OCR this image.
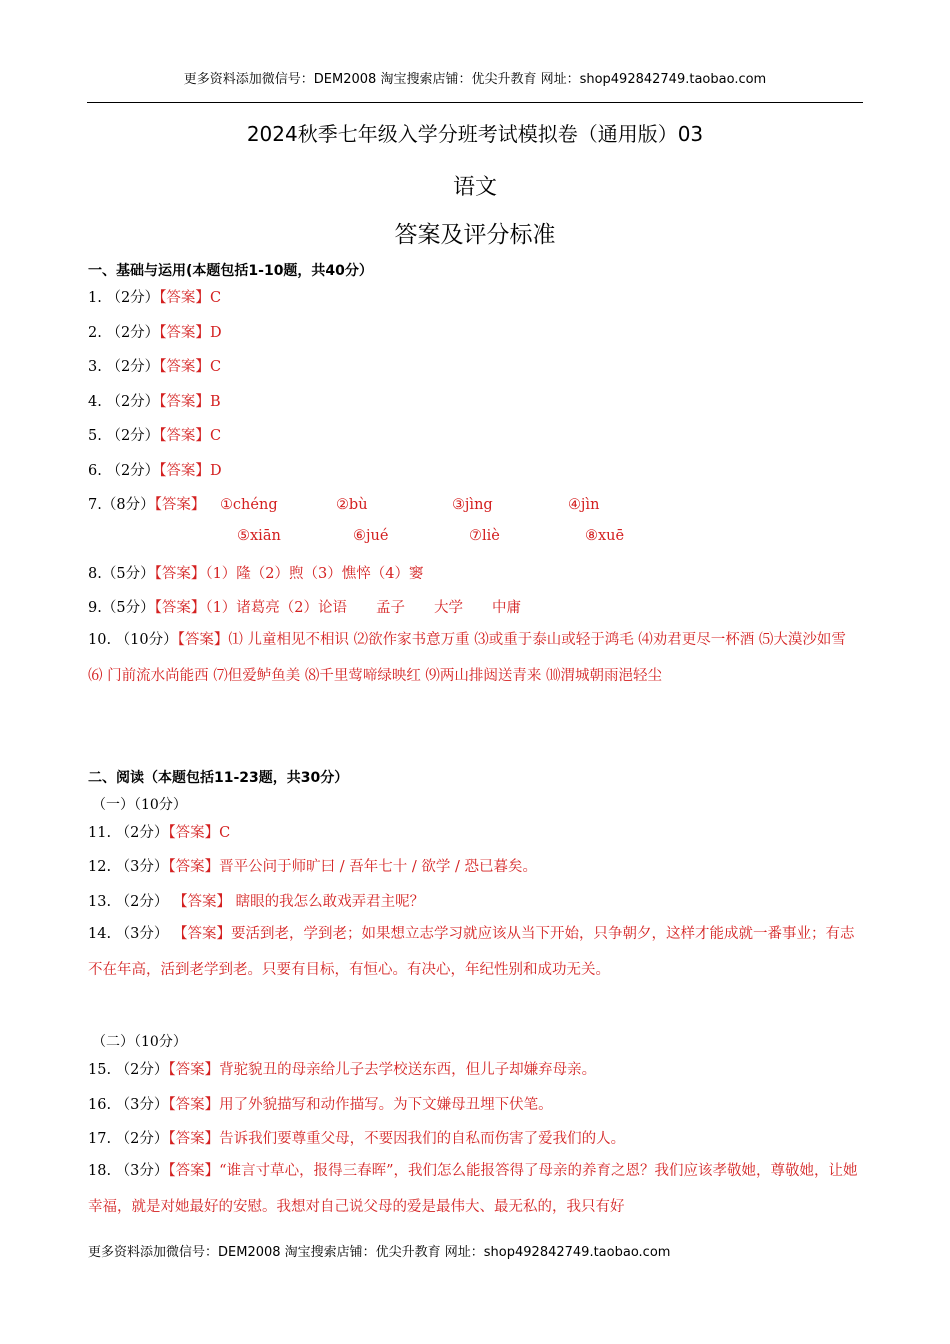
更多资料添加微信号：DEM2008 淘宝搜索店铺：优尖升教育 网址：shop492842749.taobao.com
2024秋季七年级入学分班考试模拟卷（通用版）03
语文
答案及评分标准
一、基础与运用(本题包括1-10题，共40分）
1. （2分）【答案】C
2. （2分）【答案】D
3. （2分）【答案】C
4. （2分）【答案】B
5. （2分）【答案】C
6. （2分）【答案】D
7.（8分）【答案】 ①chéng	②bù	③jìng	④jìn
⑤xiān	⑥jué	⑦liè	⑧xuē
8.（5分）【答案】（1）隆（2）煦（3）憔悴（4）窭
9.（5分）【答案】（1）诸葛亮（2）论语　　孟子　　大学　　中庸
10. （10分）【答案】⑴ 儿童相见不相识 ⑵欲作家书意万重 ⑶或重于泰山或轻于鸿毛 ⑷劝君更尽一杯酒 ⑸大漠沙如雪 ⑹ 门前流水尚能西 ⑺但爱鲈鱼美 ⑻千里莺啼绿映红 ⑼两山排闼送青来 ⑽渭城朝雨浥轻尘
二、阅读（本题包括11-23题，共30分）
（一）（10分）
11. （2分）【答案】C
12. （3分）【答案】晋平公问于师旷曰 / 吾年七十 / 欲学 / 恐已暮矣。
13. （2分） 【答案】 瞎眼的我怎么敢戏弄君主呢？
14. （3分） 【答案】要活到老，学到老；如果想立志学习就应该从当下开始，只争朝夕，这样才能成就一番事业；有志不在年高，活到老学到老。只要有目标，有恒心。有决心，年纪性别和成功无关。
（二）（10分）
15. （2分）【答案】背驼貌丑的母亲给儿子去学校送东西，但儿子却嫌弃母亲。
16. （3分）【答案】用了外貌描写和动作描写。为下文嫌母丑埋下伏笔。
17. （2分）【答案】告诉我们要尊重父母，不要因我们的自私而伤害了爱我们的人。
18. （3分）【答案】“谁言寸草心，报得三春晖”，我们怎么能报答得了母亲的养育之恩？我们应该孝敬她，尊敬她，让她幸福，就是对她最好的安慰。我想对自己说父母的爱是最伟大、最无私的，我只有好
更多资料添加微信号：DEM2008 淘宝搜索店铺：优尖升教育 网址：shop492842749.taobao.com
